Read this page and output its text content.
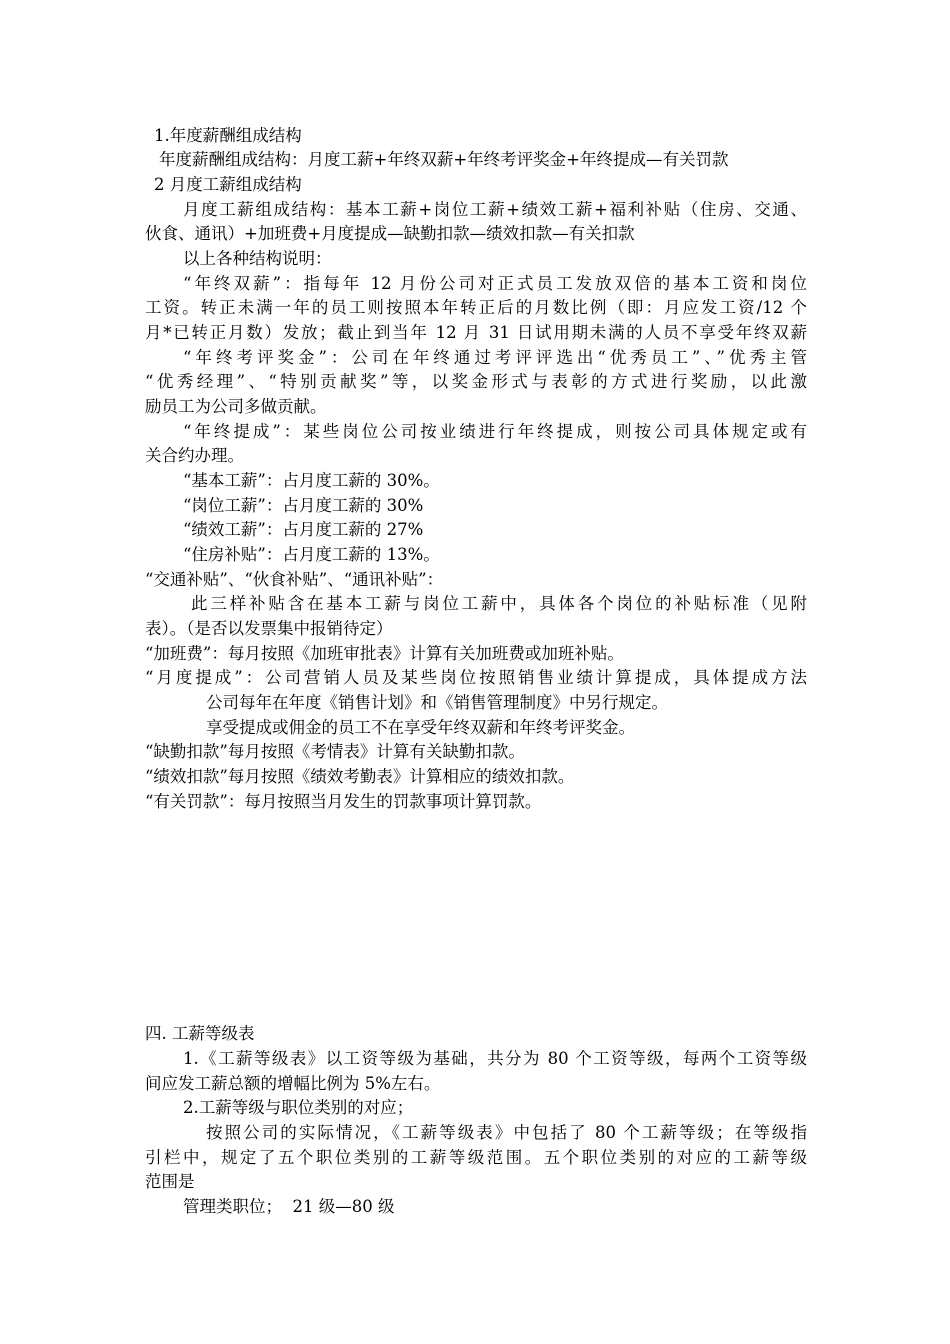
1.年度薪酬组成结构
年度薪酬组成结构：月度工薪+年终双薪+年终考评奖金+年终提成—有关罚款
2 月度工薪组成结构
月度工薪组成结构：基本工薪+岗位工薪+绩效工薪+福利补贴（住房、交通、
伙食、通讯）+加班费+月度提成—缺勤扣款—绩效扣款—有关扣款
以上各种结构说明：
“年终双薪”：指每年 12 月份公司对正式员工发放双倍的基本工资和岗位
工资。转正未满一年的员工则按照本年转正后的月数比例（即：月应发工资/12 个
月*已转正月数）发放；截止到当年 12 月 31 日试用期未满的人员不享受年终双薪
“年终考评奖金”：公司在年终通过考评评选出“优秀员工”、”优秀主管
“优秀经理”、“特别贡献奖”等，以奖金形式与表彰的方式进行奖励，以此激
励员工为公司多做贡献。
“年终提成”：某些岗位公司按业绩进行年终提成，则按公司具体规定或有
关合约办理。
“基本工薪”：占月度工薪的 30%。
“岗位工薪”：占月度工薪的 30%
“绩效工薪”：占月度工薪的 27%
“住房补贴”：占月度工薪的 13%。
“交通补贴”、“伙食补贴”、“通讯补贴”：
此三样补贴含在基本工薪与岗位工薪中，具体各个岗位的补贴标准（见附
表）。（是否以发票集中报销待定）
“加班费”：每月按照《加班审批表》计算有关加班费或加班补贴。
“月度提成”：公司营销人员及某些岗位按照销售业绩计算提成，具体提成方法
公司每年在年度《销售计划》和《销售管理制度》中另行规定。
享受提成或佣金的员工不在享受年终双薪和年终考评奖金。
“缺勤扣款”每月按照《考情表》计算有关缺勤扣款。
“绩效扣款”每月按照《绩效考勤表》计算相应的绩效扣款。
“有关罚款”：每月按照当月发生的罚款事项计算罚款。
四. 工薪等级表
1.《工薪等级表》以工资等级为基础，共分为 80 个工资等级，每两个工资等级
间应发工薪总额的增幅比例为 5%左右。
2.工薪等级与职位类别的对应；
按照公司的实际情况，《工薪等级表》中包括了 80 个工薪等级；在等级指
引栏中，规定了五个职位类别的工薪等级范围。五个职位类别的对应的工薪等级
范围是
管理类职位；  21 级—80 级
